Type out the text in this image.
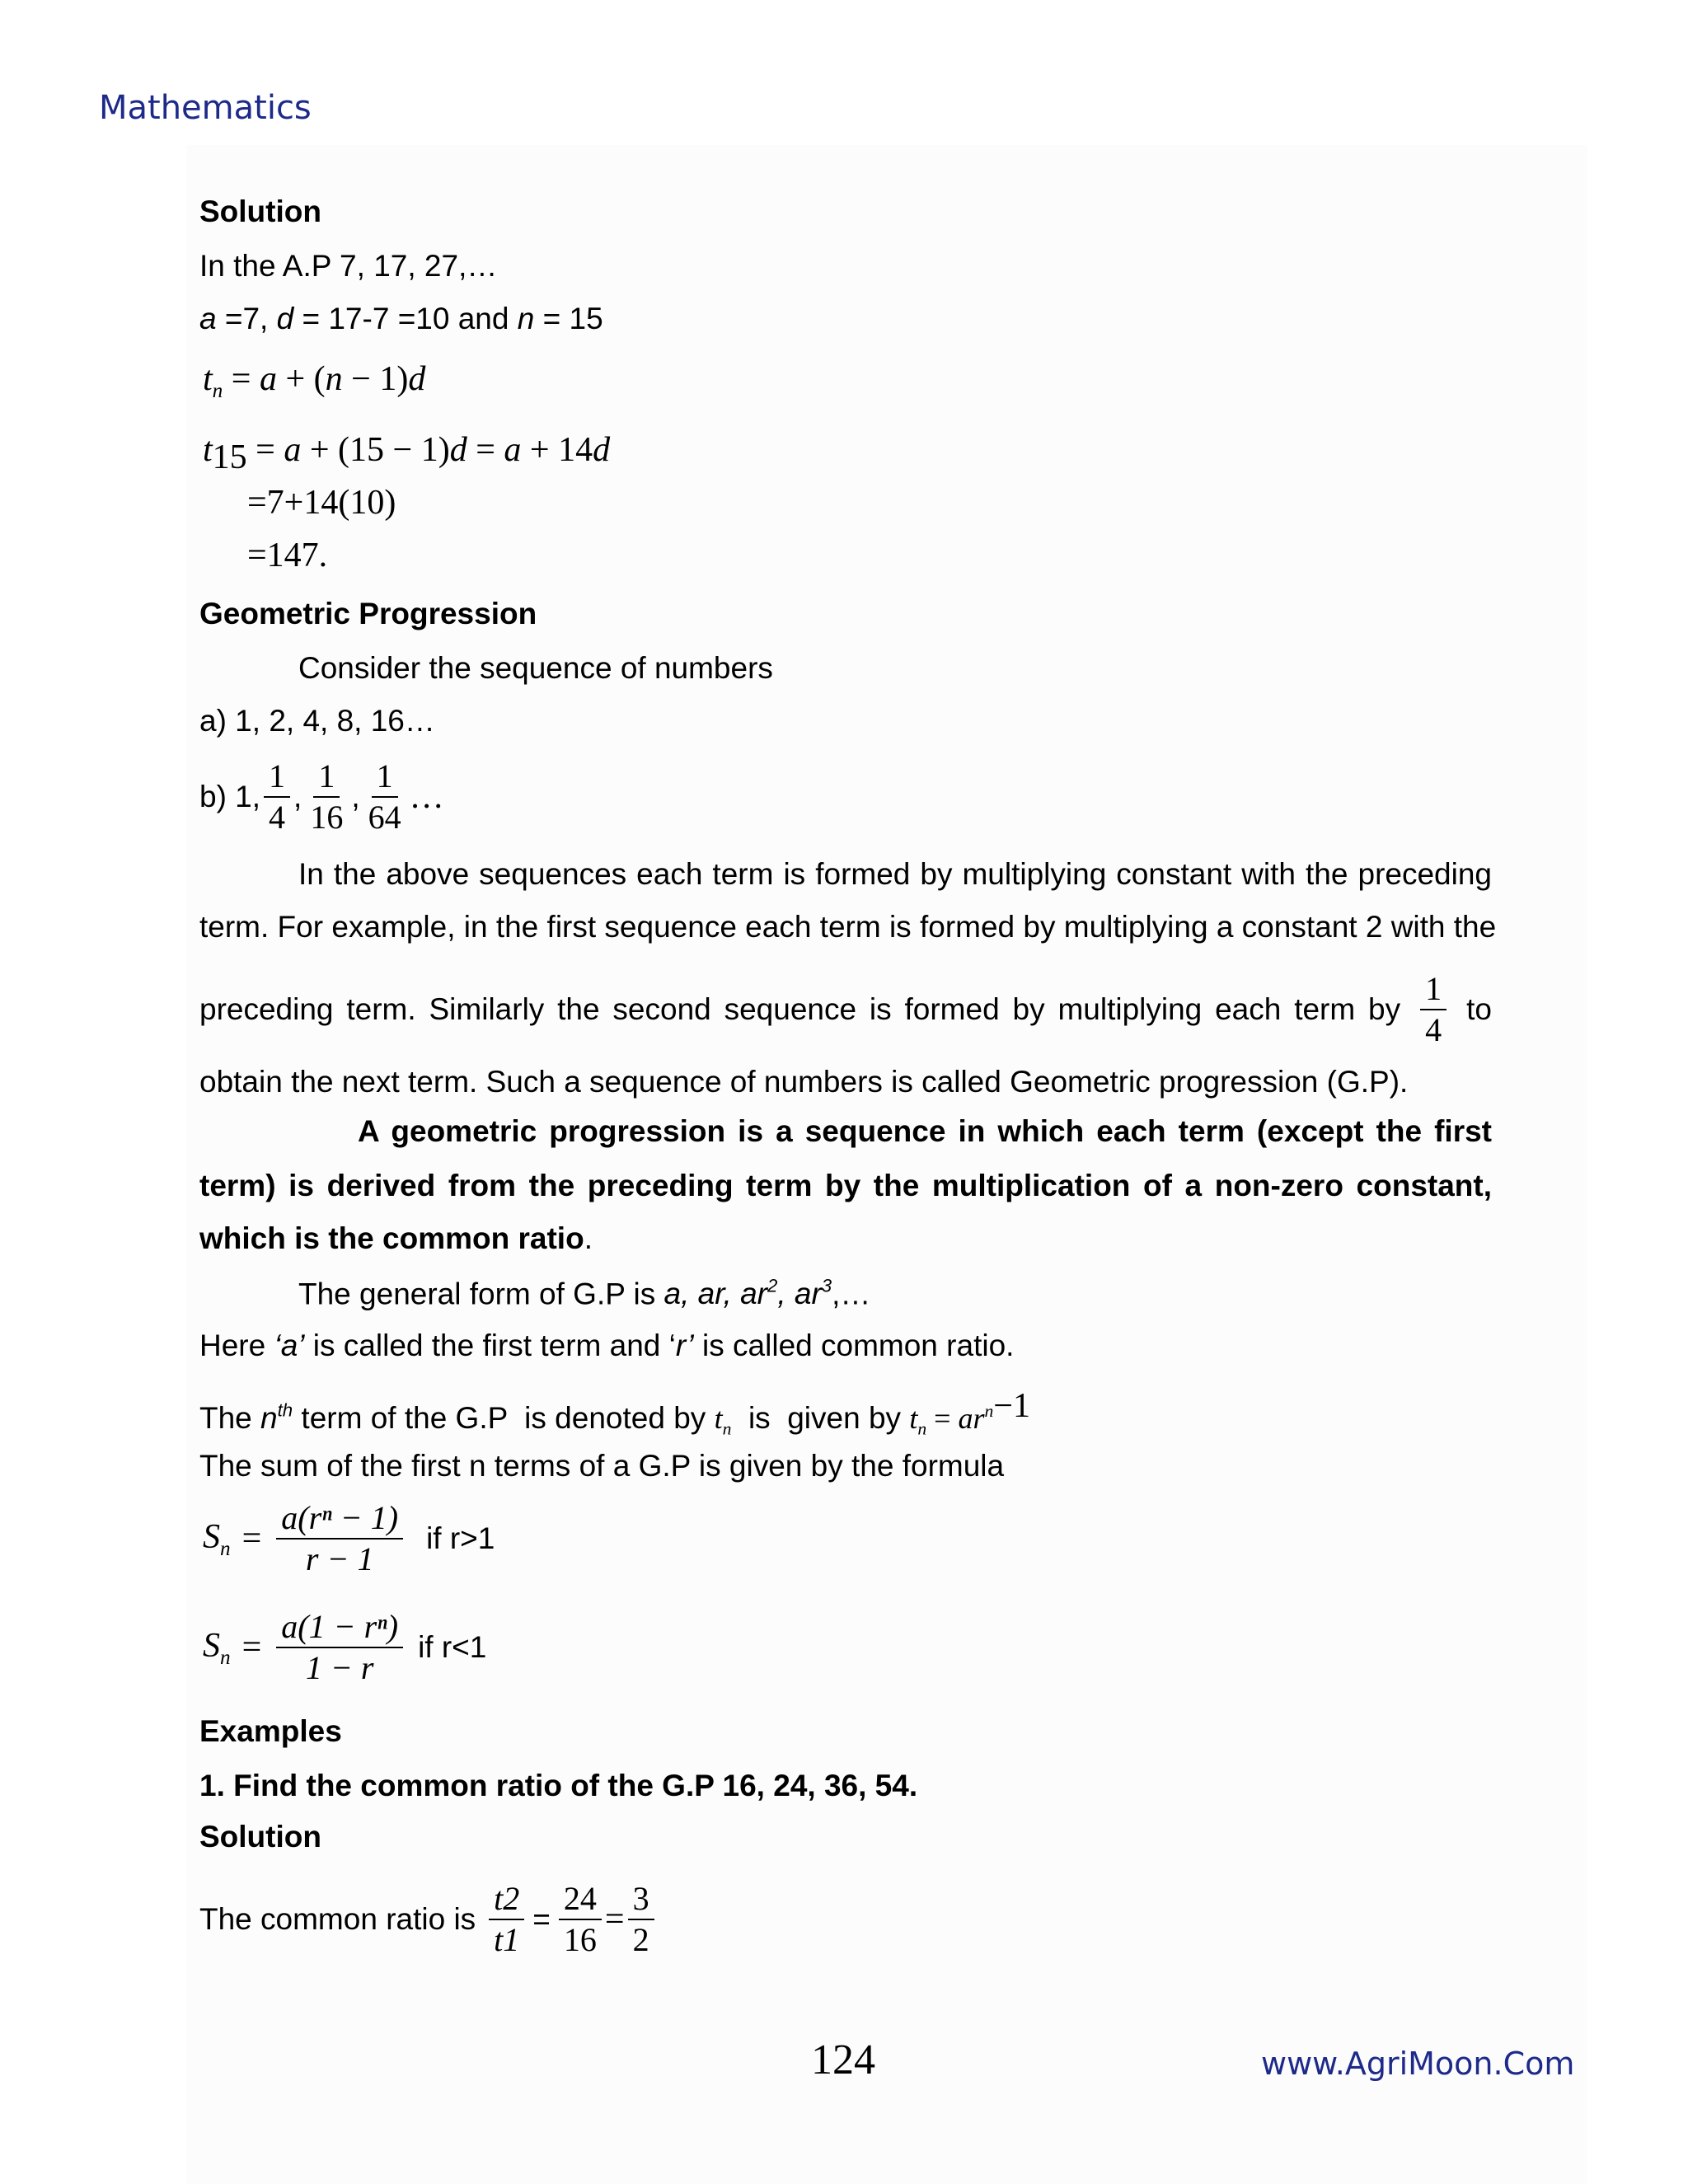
Mathematics
Solution
In the A.P 7, 17, 27,…
a =7, d = 17-7 =10 and n = 15
$t_n = a + (n - 1)d$
$t_{15} = a + (15 - 1)d = a + 14d$
=7+14(10)
=147.
Geometric Progression
Consider the sequence of numbers
a) 1, 2, 4, 8, 16…
b) 1, $\frac{1}{4}$ , $\frac{1}{16}$ , $\frac{1}{64}$ …
In the above sequences each term is formed by multiplying constant with the preceding
term. For example, in the first sequence each term is formed by multiplying a constant 2 with the
preceding term. Similarly the second sequence is formed by multiplying each term by $\frac{1}{4}$ to
obtain the next term. Such a sequence of numbers is called Geometric progression (G.P).
A geometric progression is a sequence in which each term (except the first
term) is derived from the preceding term by the multiplication of a non-zero constant,
which is the common ratio.
The general form of G.P is a, ar, $ar^2$, $ar^3,\dots$
Here ‘a’ is called the first term and ‘r’ is called common ratio.
The $n^{th}$ term of the G.P  is denoted by $t_n$  is  given by $t_n = ar^{n-1}$
The sum of the first n terms of a G.P is given by the formula
$S_n = \frac{\text{a(rⁿ − 1)}}{r - 1}$ if r>1
$S_n = \frac{\text{a(1 − rⁿ)}}{1 - r}$ if r<1
Examples
1. Find the common ratio of the G.P 16, 24, 36, 54.
Solution
The common ratio is $\frac{t2}{t1} = \frac{24}{16} = \frac{3}{2}$
124	www.AgriMoon.Com
